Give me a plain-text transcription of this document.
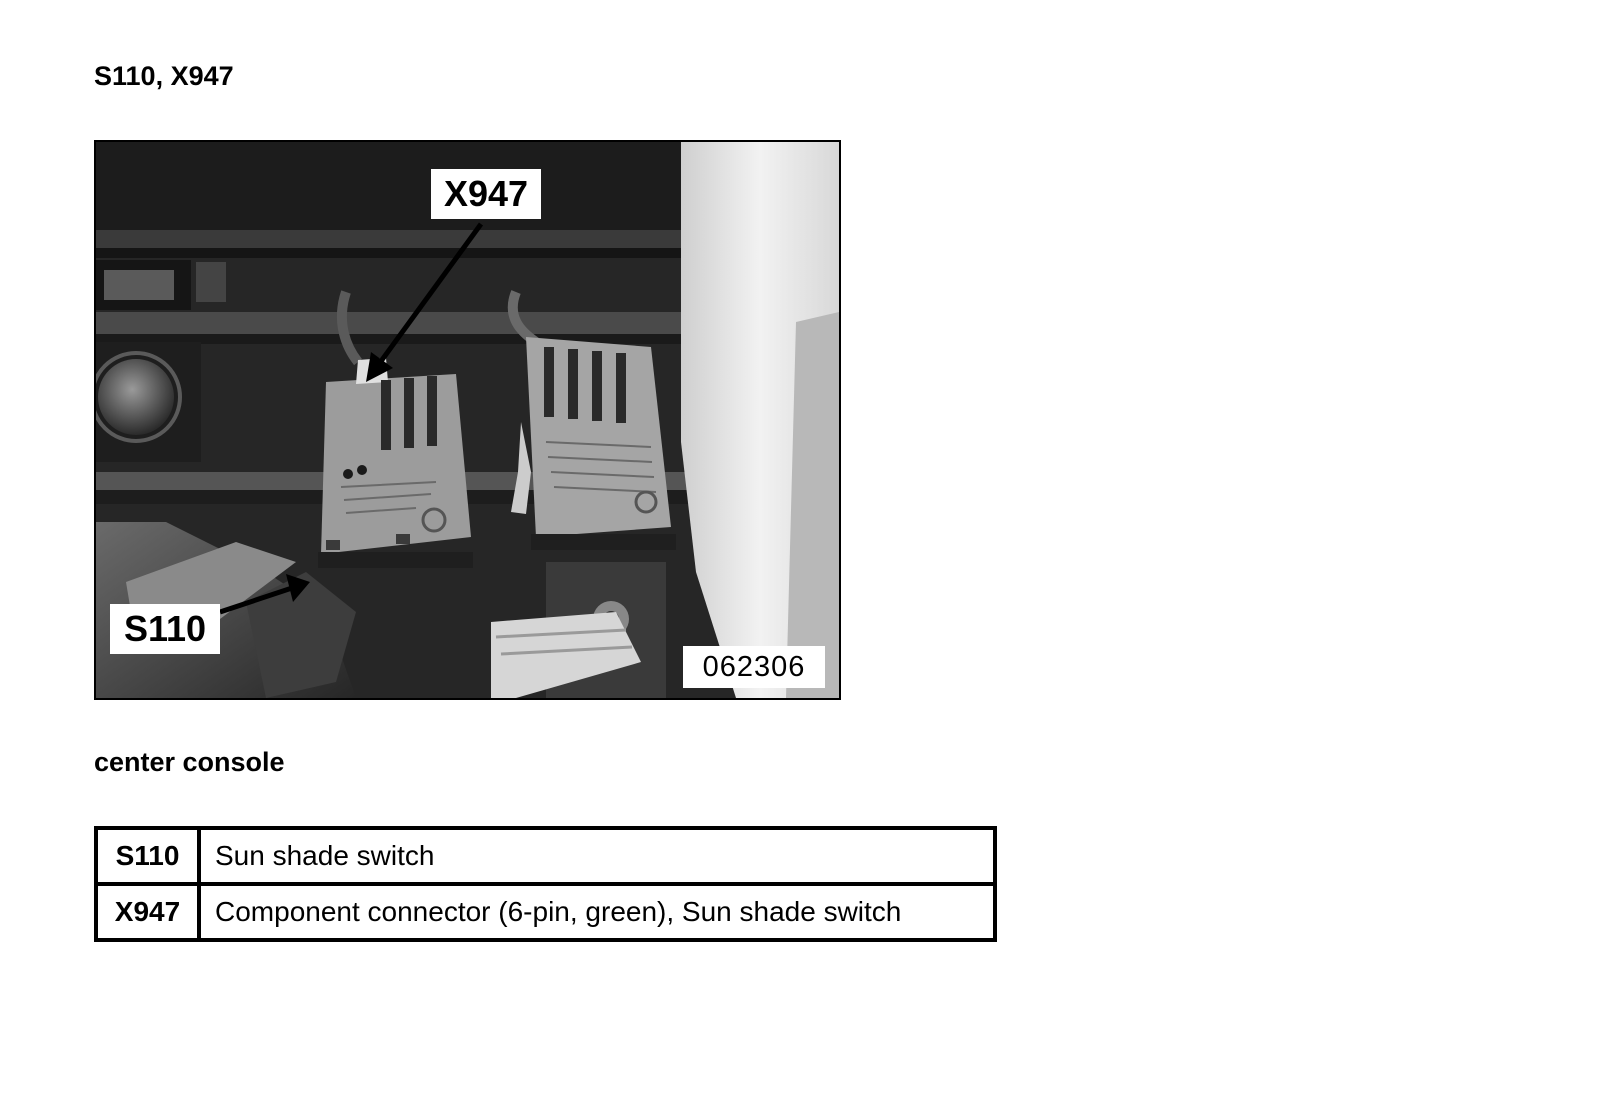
S110, X947
X947
S110
062306
center console
S110	Sun shade switch
X947	Component connector (6-pin, green), Sun shade switch
